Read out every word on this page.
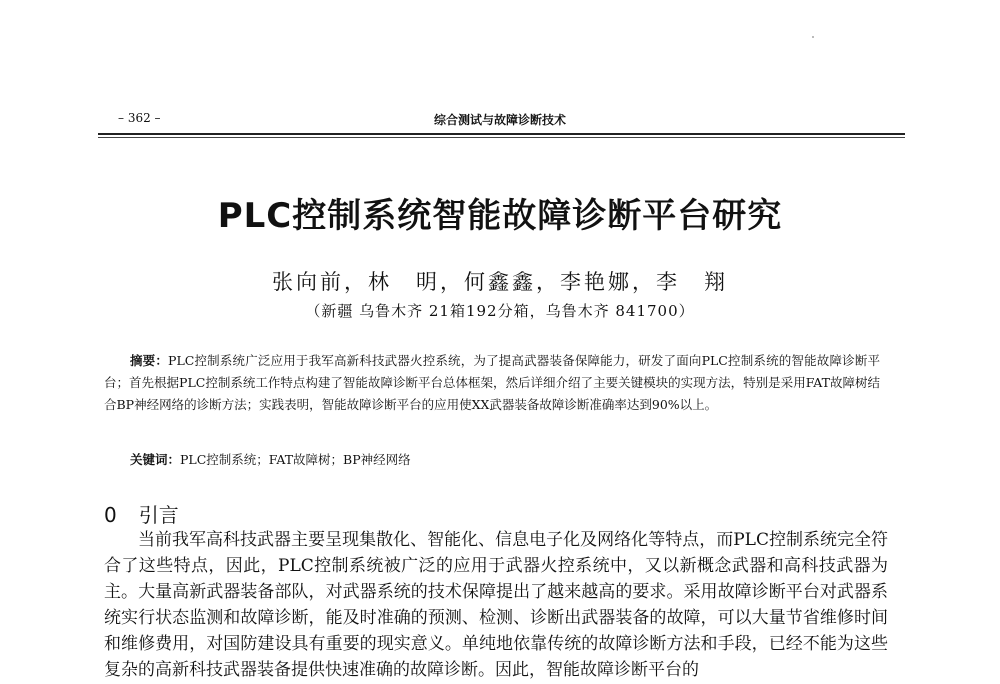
– 362 –	综合测试与故障诊断技术
PLC控制系统智能故障诊断平台研究
张向前，林　明，何鑫鑫，李艳娜，李　翔
（新疆 乌鲁木齐 21箱192分箱，乌鲁木齐 841700）
摘要：PLC控制系统广泛应用于我军高新科技武器火控系统，为了提高武器装备保障能力，研发了面向PLC控制系统的智能故障诊断平台；首先根据PLC控制系统工作特点构建了智能故障诊断平台总体框架，然后详细介绍了主要关键模块的实现方法，特别是采用FAT故障树结合BP神经网络的诊断方法；实践表明，智能故障诊断平台的应用使XX武器装备故障诊断准确率达到90%以上。
关键词：PLC控制系统；FAT故障树；BP神经网络
0 引言
当前我军高科技武器主要呈现集散化、智能化、信息电子化及网络化等特点，而PLC控制系统完全符合了这些特点，因此，PLC控制系统被广泛的应用于武器火控系统中，又以新概念武器和高科技武器为主。大量高新武器装备部队，对武器系统的技术保障提出了越来越高的要求。采用故障诊断平台对武器系统实行状态监测和故障诊断，能及时准确的预测、检测、诊断出武器装备的故障，可以大量节省维修时间和维修费用，对国防建设具有重要的现实意义。单纯地依靠传统的故障诊断方法和手段，已经不能为这些复杂的高新科技武器装备提供快速准确的故障诊断。因此，智能故障诊断平台的
